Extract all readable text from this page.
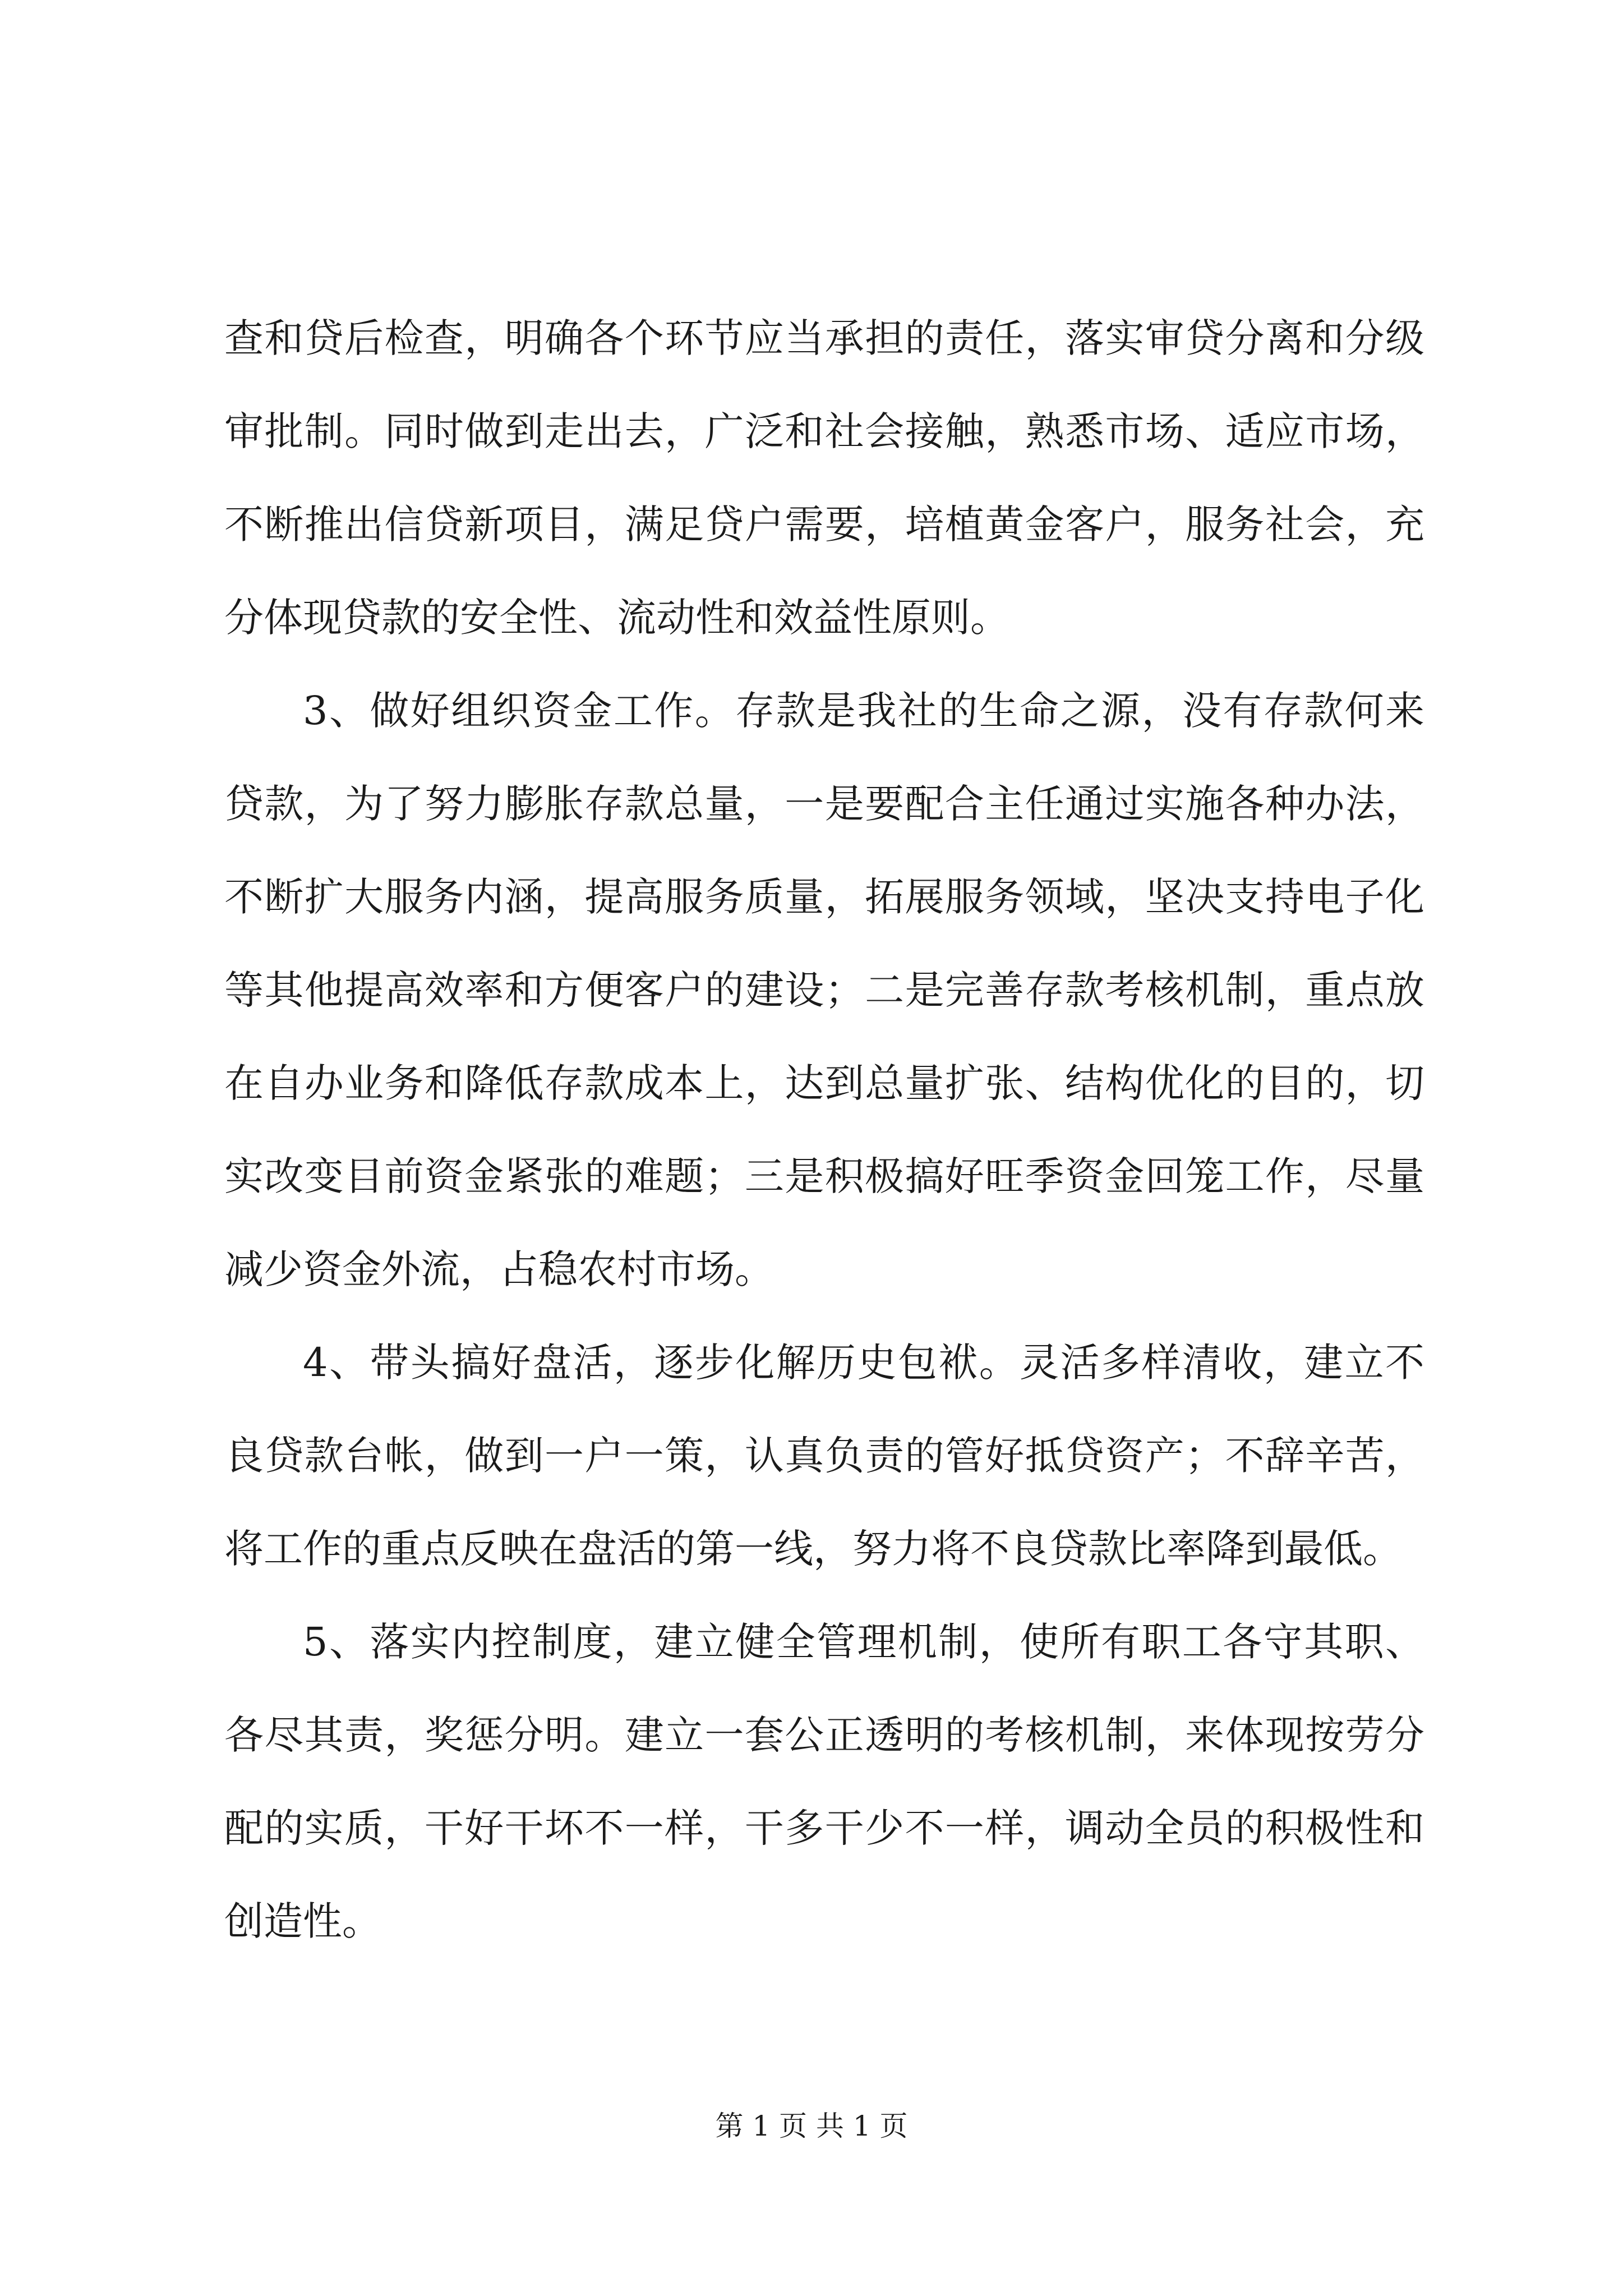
查和贷后检查，明确各个环节应当承担的责任，落实审贷分离和分级审批制。同时做到走出去，广泛和社会接触，熟悉市场、适应市场，不断推出信贷新项目，满足贷户需要，培植黄金客户，服务社会，充分体现贷款的安全性、流动性和效益性原则。

3、做好组织资金工作。存款是我社的生命之源，没有存款何来贷款，为了努力膨胀存款总量，一是要配合主任通过实施各种办法，不断扩大服务内涵，提高服务质量，拓展服务领域，坚决支持电子化等其他提高效率和方便客户的建设；二是完善存款考核机制，重点放在自办业务和降低存款成本上，达到总量扩张、结构优化的目的，切实改变目前资金紧张的难题；三是积极搞好旺季资金回笼工作，尽量减少资金外流，占稳农村市场。

4、带头搞好盘活，逐步化解历史包袱。灵活多样清收，建立不良贷款台帐，做到一户一策，认真负责的管好抵贷资产；不辞辛苦，将工作的重点反映在盘活的第一线，努力将不良贷款比率降到最低。

5、落实内控制度，建立健全管理机制，使所有职工各守其职、各尽其责，奖惩分明。建立一套公正透明的考核机制，来体现按劳分配的实质，干好干坏不一样，干多干少不一样，调动全员的积极性和创造性。

第 1 页 共 1 页
